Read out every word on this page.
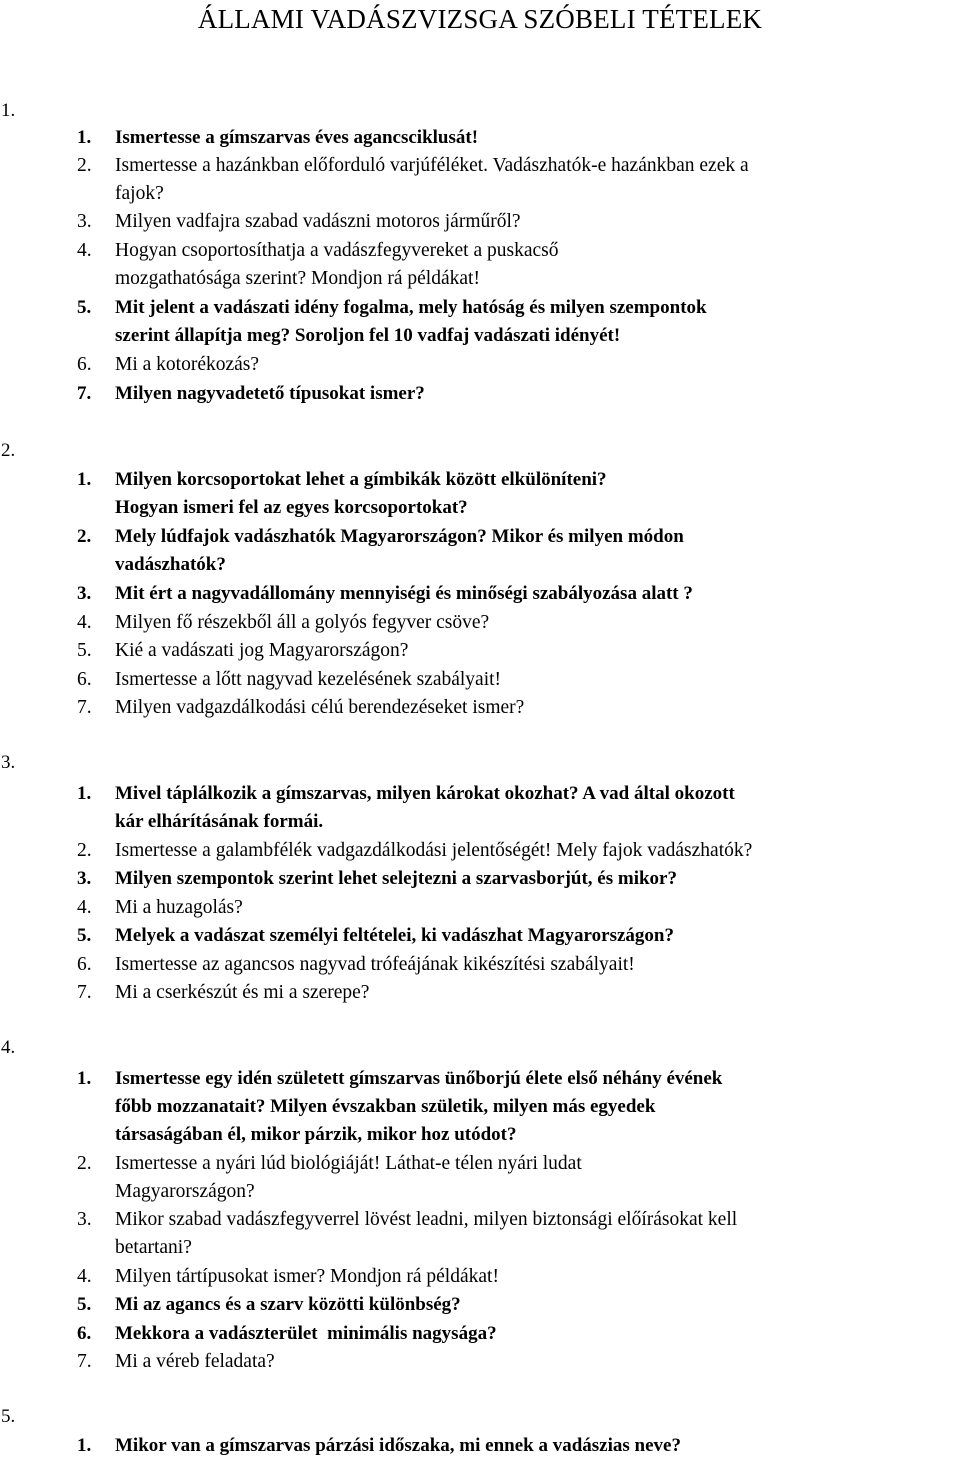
ÁLLAMI VADÁSZVIZSGA SZÓBELI TÉTELEK
1.
1. Ismertesse a gímszarvas éves agancsciklusát!
2. Ismertesse a hazánkban előforduló varjúféléket. Vadászhatók-e hazánkban ezek a
fajok?
3. Milyen vadfajra szabad vadászni motoros járműről?
4. Hogyan csoportosíthatja a vadászfegyvereket a puskacső
mozgathatósága szerint? Mondjon rá példákat!
5. Mit jelent a vadászati idény fogalma, mely hatóság és milyen szempontok
szerint állapítja meg? Soroljon fel 10 vadfaj vadászati idényét!
6. Mi a kotorékozás?
7. Milyen nagyvadetető típusokat ismer?
2.
1. Milyen korcsoportokat lehet a gímbikák között elkülöníteni?
Hogyan ismeri fel az egyes korcsoportokat?
2. Mely lúdfajok vadászhatók Magyarországon? Mikor és milyen módon
vadászhatók?
3. Mit ért a nagyvadállomány mennyiségi és minőségi szabályozása alatt ?
4. Milyen fő részekből áll a golyós fegyver csöve?
5. Kié a vadászati jog Magyarországon?
6. Ismertesse a lőtt nagyvad kezelésének szabályait!
7. Milyen vadgazdálkodási célú berendezéseket ismer?
3.
1. Mivel táplálkozik a gímszarvas, milyen károkat okozhat? A vad által okozott
kár elhárításának formái.
2. Ismertesse a galambfélék vadgazdálkodási jelentőségét! Mely fajok vadászhatók?
3. Milyen szempontok szerint lehet selejtezni a szarvasborjút, és mikor?
4. Mi a huzagolás?
5. Melyek a vadászat személyi feltételei, ki vadászhat Magyarországon?
6. Ismertesse az agancsos nagyvad trófeájának kikészítési szabályait!
7. Mi a cserkészút és mi a szerepe?
4.
1. Ismertesse egy idén született gímszarvas ünőborjú élete első néhány évének
főbb mozzanatait? Milyen évszakban születik, milyen más egyedek
társaságában él, mikor párzik, mikor hoz utódot?
2. Ismertesse a nyári lúd biológiáját! Láthat-e télen nyári ludat
Magyarországon?
3. Mikor szabad vadászfegyverrel lövést leadni, milyen biztonsági előírásokat kell
betartani?
4. Milyen tártípusokat ismer? Mondjon rá példákat!
5. Mi az agancs és a szarv közötti különbség?
6. Mekkora a vadászterület  minimális nagysága?
7. Mi a véreb feladata?
5.
1. Mikor van a gímszarvas párzási időszaka, mi ennek a vadászias neve?
